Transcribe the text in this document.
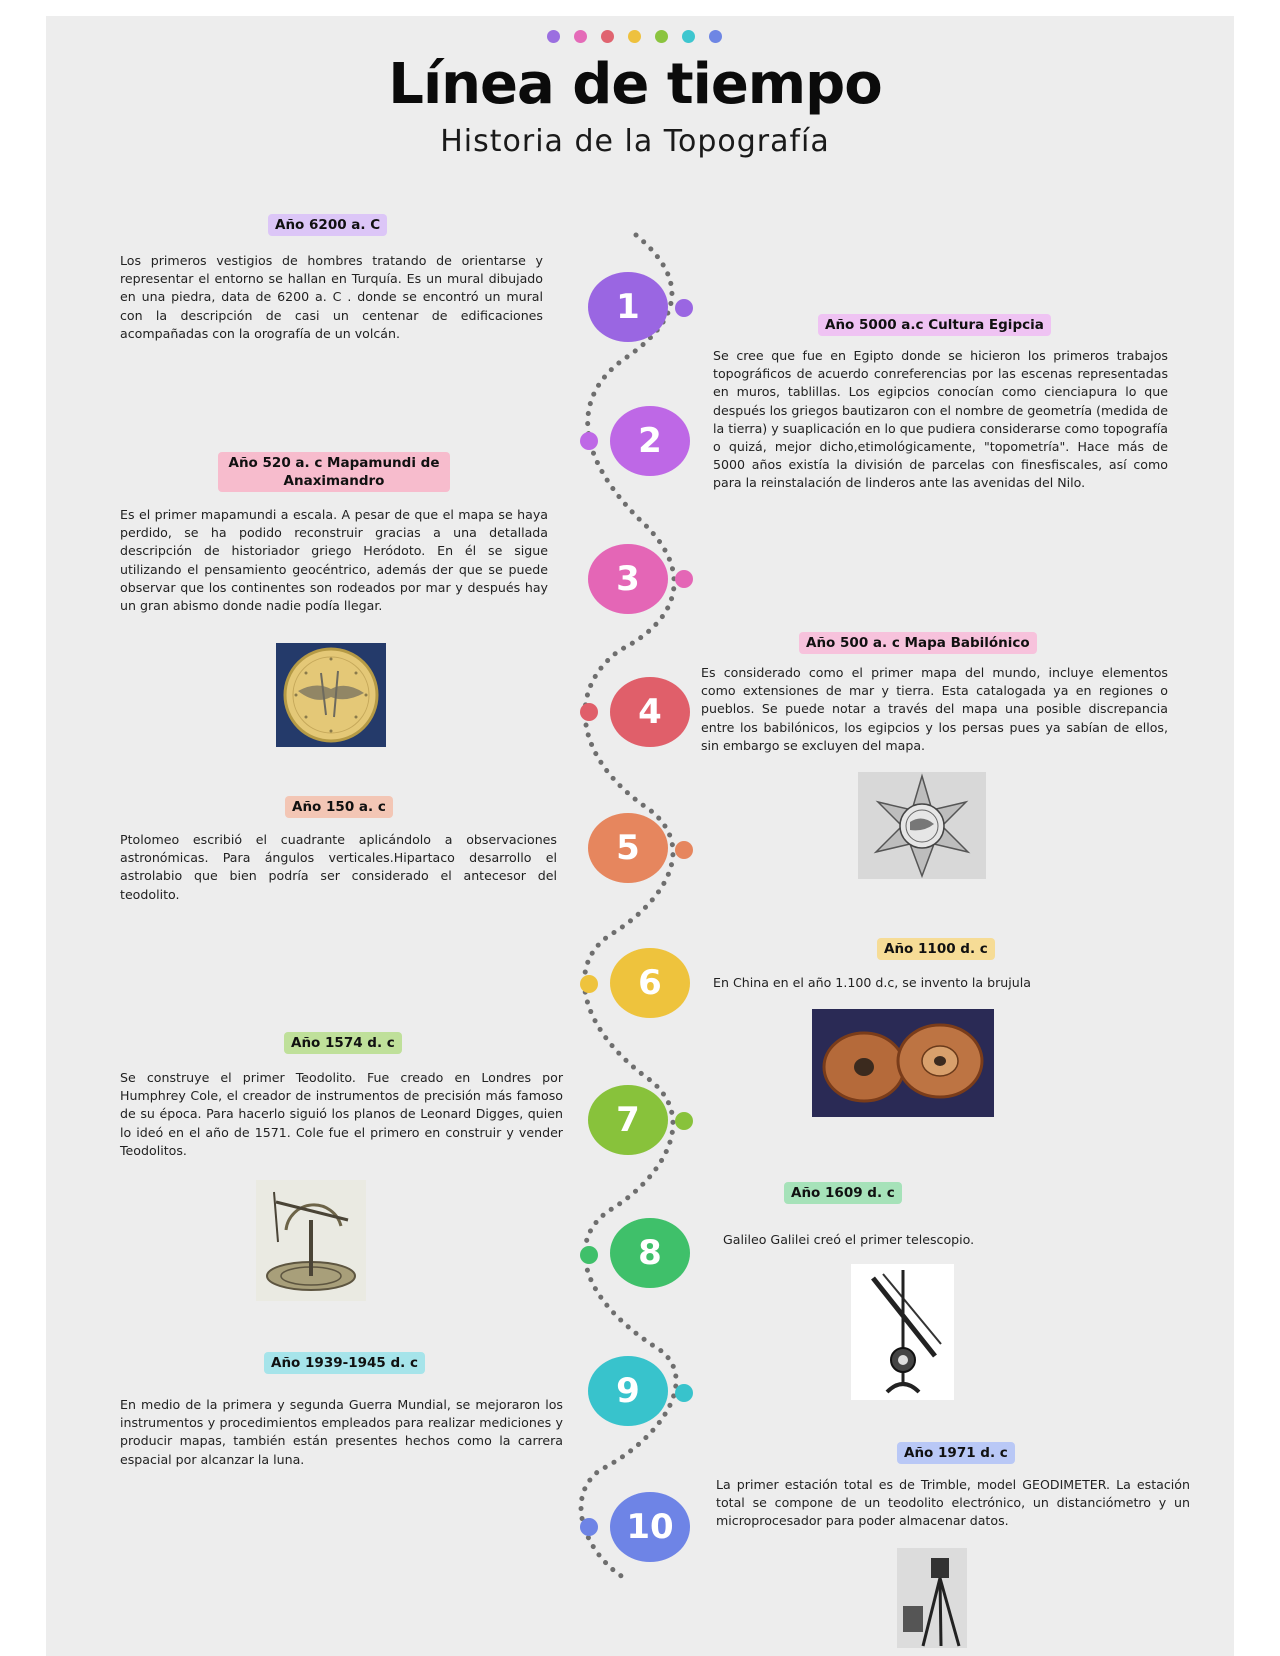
Línea de tiempo
Historia de la Topografía
1
2
3
4
5
6
7
8
9
10
Año 6200 a. C
Año 5000 a.c Cultura Egipcia
Año 520 a. c Mapamundi de Anaximandro
Año 500 a. c Mapa Babilónico
Año 150 a. c
Año 1100 d. c
Año 1574 d. c
Año 1609 d. c
Año 1939-1945 d. c
Año 1971 d. c

Los primeros vestigios de hombres tratando de orientarse y representar el entorno se hallan en Turquía. Es un mural dibujado en una piedra, data de 6200 a. C . donde se encontró un mural con la descripción de casi un centenar de edificaciones acompañadas con la orografía de un volcán.

Se cree que fue en Egipto donde se hicieron los primeros trabajos topográficos de acuerdo conreferencias por las escenas representadas en muros, tablillas. Los egipcios conocían como cienciapura lo que después los griegos bautizaron con el nombre de geometría (medida de la tierra) y suaplicación en lo que pudiera considerarse como topografía o quizá, mejor dicho,etimológicamente, "topometría". Hace más de 5000 años existía la división de parcelas con finesfiscales, así como para la reinstalación de linderos ante las avenidas del Nilo.

Es el primer mapamundi a escala. A pesar de que el mapa se haya perdido, se ha podido reconstruir gracias a una detallada descripción de historiador griego Heródoto. En él se sigue utilizando el pensamiento geocéntrico, además der que se puede observar que los continentes son rodeados por mar y después hay un gran abismo donde nadie podía llegar.

Es considerado como el primer mapa del mundo, incluye elementos como extensiones de mar y tierra. Esta catalogada ya en regiones o pueblos. Se puede notar a través del mapa una posible discrepancia entre los babilónicos, los egipcios y los persas pues ya sabían de ellos, sin embargo se excluyen del mapa.

Ptolomeo escribió el cuadrante aplicándolo a observaciones astronómicas. Para ángulos verticales.Hipartaco desarrollo el astrolabio que bien podría ser considerado el antecesor del teodolito.

En China en el año 1.100 d.c, se invento la brujula

Se construye el primer Teodolito. Fue creado en Londres por Humphrey Cole, el creador de instrumentos de precisión más famoso de su época. Para hacerlo siguió los planos de Leonard Digges, quien lo ideó en el año de 1571. Cole fue el primero en construir y vender Teodolitos.

Galileo Galilei creó el primer telescopio.

En medio de la primera y segunda Guerra Mundial, se mejoraron los instrumentos y procedimientos empleados para realizar mediciones y producir mapas, también están presentes hechos como la carrera espacial por alcanzar la luna.

La primer estación total es de Trimble, model GEODIMETER. La estación total se compone de un teodolito electrónico, un distanciómetro y un microprocesador para poder almacenar datos.
